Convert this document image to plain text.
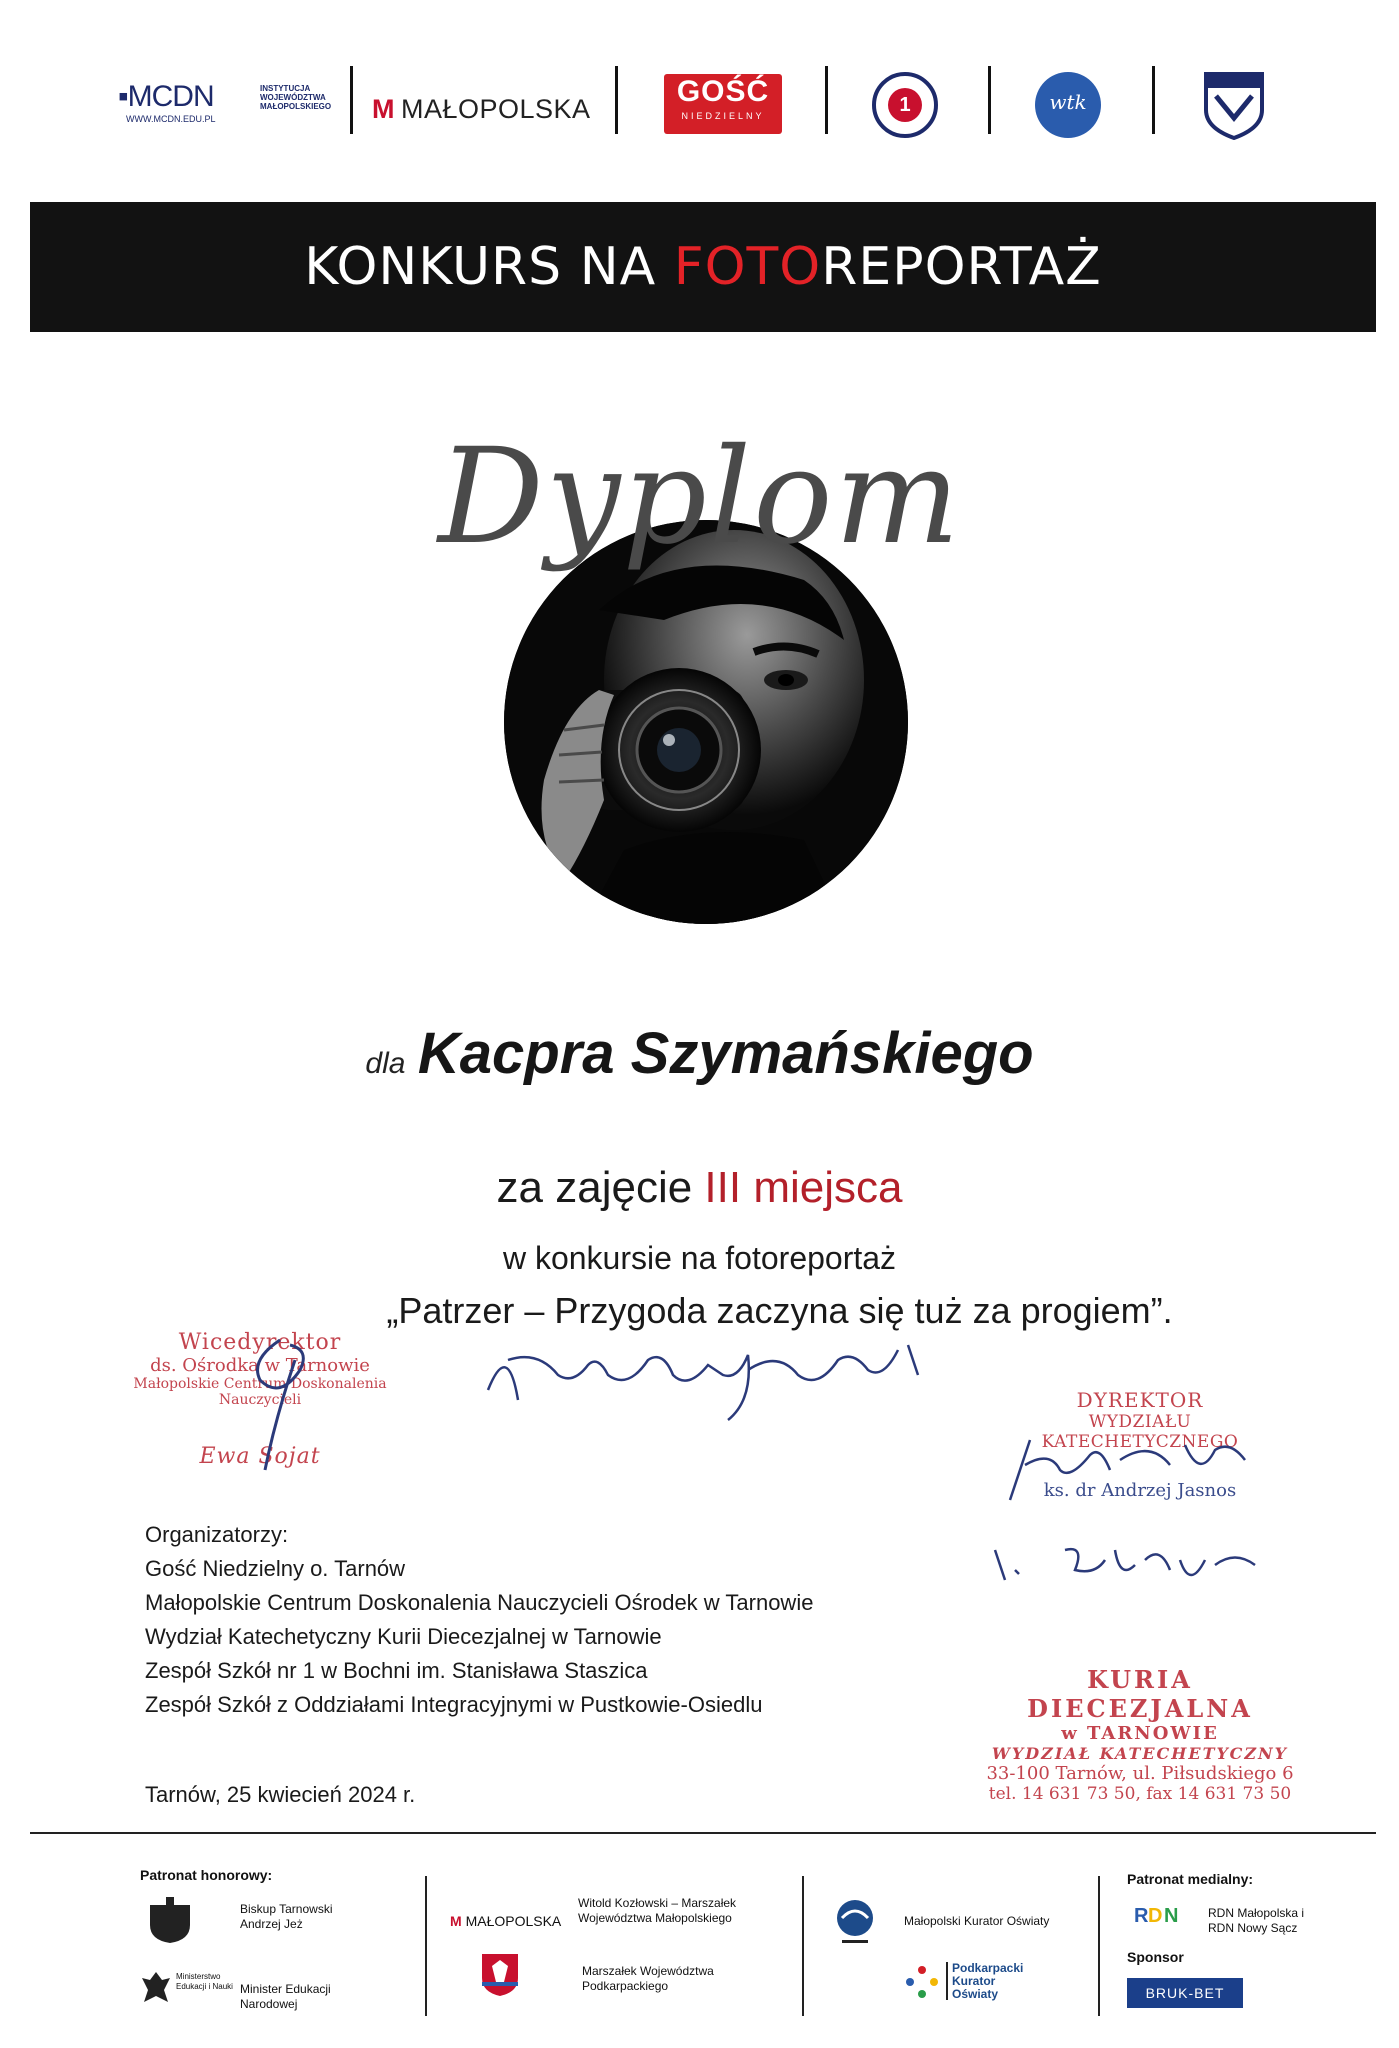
▪MCDN
WWW.MCDN.EDU.PL
INSTYTUCJA WOJEWÓDZTWA MAŁOPOLSKIEGO	M MAŁOPOLSKA
GOŚĆ
NIEDZIELNY	1	wtk
KONKURS NA FOTOREPORTAŻ
Dyplom
dla Kacpra Szymańskiego
za zajęcie III miejsca
w konkursie na fotoreportaż
„Patrzer – Przygoda zaczyna się tuż za progiem”.
Wicedyrektor
ds. Ośrodka w Tarnowie
Małopolskie Centrum Doskonalenia Nauczycieli
Ewa Sojat
DYREKTOR
WYDZIAŁU KATECHETYCZNEGO
ks. dr Andrzej Jasnos
Organizatorzy:
Gość Niedzielny o. Tarnów
Małopolskie Centrum Doskonalenia Nauczycieli Ośrodek w Tarnowie
Wydział Katechetyczny Kurii Diecezjalnej w Tarnowie
Zespół Szkół nr 1 w Bochni im. Stanisława Staszica
Zespół Szkół z Oddziałami Integracyjnymi w Pustkowie-Osiedlu
KURIA DIECEZJALNA
w TARNOWIE
WYDZIAŁ KATECHETYCZNY
33-100 Tarnów, ul. Piłsudskiego 6
tel. 14 631 73 50, fax 14 631 73 50
Tarnów, 25 kwiecień 2024 r.
Patronat honorowy:
Biskup Tarnowski Andrzej Jeż
Ministerstwo Edukacji i Nauki Minister Edukacji Narodowej
M MAŁOPOLSKA
Witold Kozłowski – Marszałek Województwa Małopolskiego
Marszałek Województwa Podkarpackiego
Małopolski Kurator Oświaty
Podkarpacki Kurator Oświaty
Patronat medialny:
R D N RDN Małopolska i RDN Nowy Sącz
Sponsor
BRUK-BET
